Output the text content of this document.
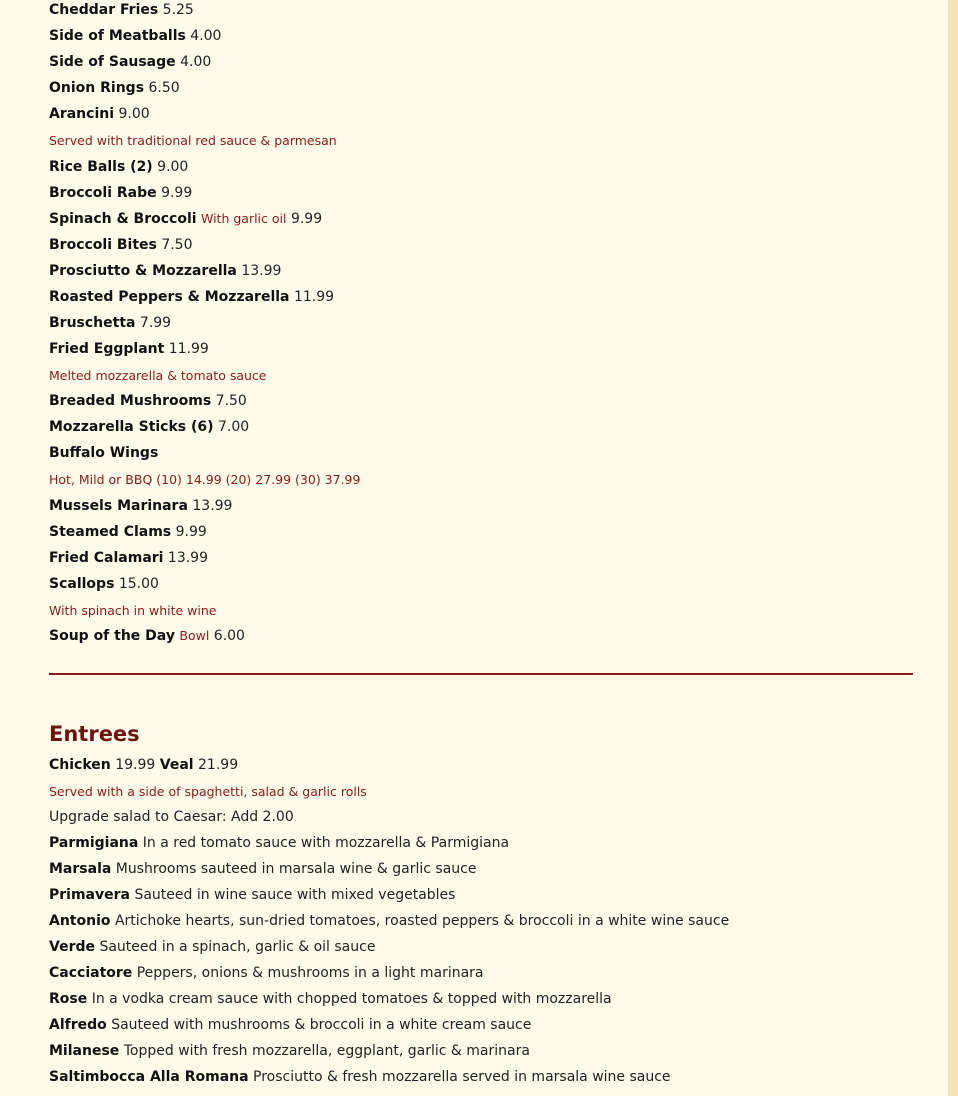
Cheddar Fries 5.25
Side of Meatballs 4.00
Side of Sausage 4.00
Onion Rings 6.50
Arancini 9.00
Served with traditional red sauce & parmesan
Rice Balls (2) 9.00
Broccoli Rabe 9.99
Spinach & Broccoli With garlic oil 9.99
Broccoli Bites 7.50
Prosciutto & Mozzarella 13.99
Roasted Peppers & Mozzarella 11.99
Bruschetta 7.99
Fried Eggplant 11.99
Melted mozzarella & tomato sauce
Breaded Mushrooms 7.50
Mozzarella Sticks (6) 7.00
Buffalo Wings
Hot, Mild or BBQ (10) 14.99 (20) 27.99 (30) 37.99
Mussels Marinara 13.99
Steamed Clams 9.99
Fried Calamari 13.99
Scallops 15.00
With spinach in white wine
Soup of the Day Bowl 6.00
Entrees
Chicken 19.99 Veal 21.99
Served with a side of spaghetti, salad & garlic rolls
Upgrade salad to Caesar: Add 2.00
Parmigiana In a red tomato sauce with mozzarella & Parmigiana
Marsala Mushrooms sauteed in marsala wine & garlic sauce
Primavera Sauteed in wine sauce with mixed vegetables
Antonio Artichoke hearts, sun-dried tomatoes, roasted peppers & broccoli in a white wine sauce
Verde Sauteed in a spinach, garlic & oil sauce
Cacciatore Peppers, onions & mushrooms in a light marinara
Rose In a vodka cream sauce with chopped tomatoes & topped with mozzarella
Alfredo Sauteed with mushrooms & broccoli in a white cream sauce
Milanese Topped with fresh mozzarella, eggplant, garlic & marinara
Saltimbocca Alla Romana Prosciutto & fresh mozzarella served in marsala wine sauce
